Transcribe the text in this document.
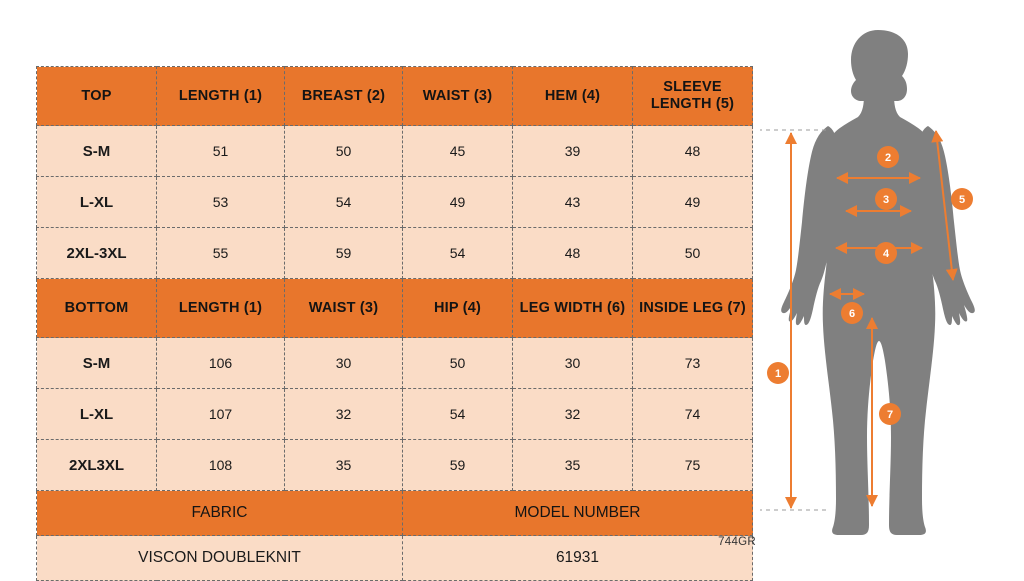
TOP	LENGTH (1)	BREAST (2)	WAIST (3)	HEM (4)	SLEEVE LENGTH (5)
S-M	51	50	45	39	48
L-XL	53	54	49	43	49
2XL-3XL	55	59	54	48	50
BOTTOM	LENGTH (1)	WAIST (3)	HIP (4)	LEG WIDTH (6)	INSIDE LEG (7)
S-M	106	30	50	30	73
L-XL	107	32	54	32	74
2XL3XL	108	35	59	35	75
FABRIC			MODEL NUMBER		
VISCON DOUBLEKNIT			61931		
744GR
1
2
3
4
5
6
7
